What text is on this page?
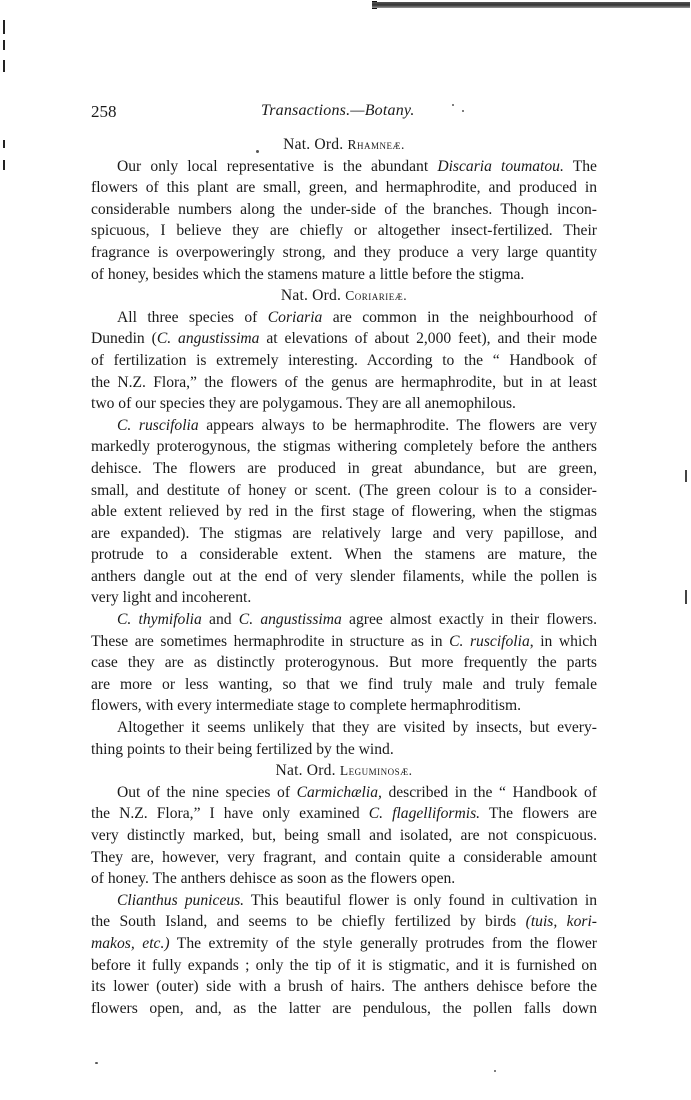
258	Transactions.—Botany.
Nat. Ord. Rhamneæ.
Our only local representative is the abundant Discaria toumatou. The
flowers of this plant are small, green, and hermaphrodite, and produced in
considerable numbers along the under-side of the branches. Though incon-
spicuous, I believe they are chiefly or altogether insect-fertilized. Their
fragrance is overpoweringly strong, and they produce a very large quantity
of honey, besides which the stamens mature a little before the stigma.
Nat. Ord. Coriarieæ.
All three species of Coriaria are common in the neighbourhood of
Dunedin (C. angustissima at elevations of about 2,000 feet), and their mode
of fertilization is extremely interesting. According to the “ Handbook of
the N.Z. Flora,” the flowers of the genus are hermaphrodite, but in at least
two of our species they are polygamous. They are all anemophilous.
C. ruscifolia appears always to be hermaphrodite. The flowers are very
markedly proterogynous, the stigmas withering completely before the anthers
dehisce. The flowers are produced in great abundance, but are green,
small, and destitute of honey or scent. (The green colour is to a consider-
able extent relieved by red in the first stage of flowering, when the stigmas
are expanded). The stigmas are relatively large and very papillose, and
protrude to a considerable extent. When the stamens are mature, the
anthers dangle out at the end of very slender filaments, while the pollen is
very light and incoherent.
C. thymifolia and C. angustissima agree almost exactly in their flowers.
These are sometimes hermaphrodite in structure as in C. ruscifolia, in which
case they are as distinctly proterogynous. But more frequently the parts
are more or less wanting, so that we find truly male and truly female
flowers, with every intermediate stage to complete hermaphroditism.
Altogether it seems unlikely that they are visited by insects, but every-
thing points to their being fertilized by the wind.
Nat. Ord. Leguminosæ.
Out of the nine species of Carmichælia, described in the “ Handbook of
the N.Z. Flora,” I have only examined C. flagelliformis. The flowers are
very distinctly marked, but, being small and isolated, are not conspicuous.
They are, however, very fragrant, and contain quite a considerable amount
of honey. The anthers dehisce as soon as the flowers open.
Clianthus puniceus. This beautiful flower is only found in cultivation in
the South Island, and seems to be chiefly fertilized by birds (tuis, kori-
makos, etc.) The extremity of the style generally protrudes from the flower
before it fully expands ; only the tip of it is stigmatic, and it is furnished on
its lower (outer) side with a brush of hairs. The anthers dehisce before the
flowers open, and, as the latter are pendulous, the pollen falls down
